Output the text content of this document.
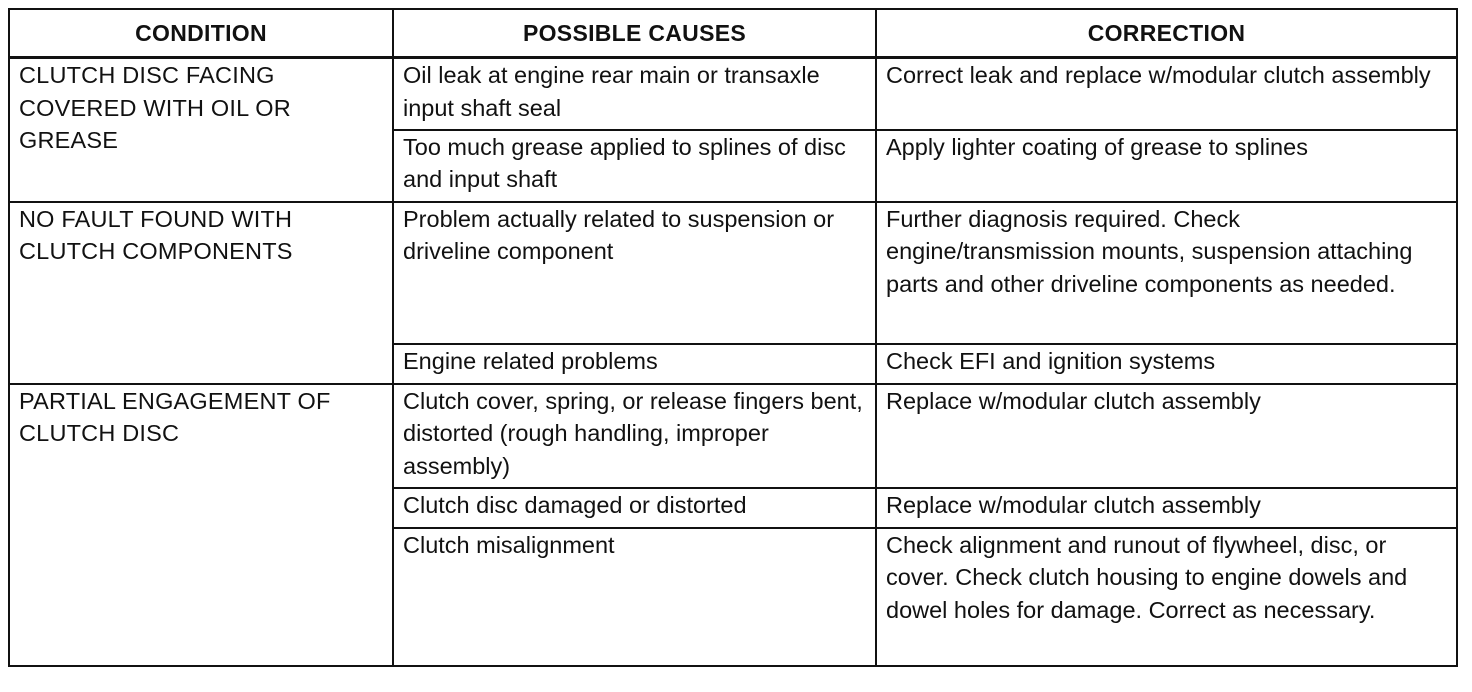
CONDITION	POSSIBLE CAUSES	CORRECTION

CLUTCH DISC FACING COVERED WITH OIL OR GREASE	Oil leak at engine rear main or transaxle input shaft seal	Correct leak and replace w/modular clutch assembly

	Too much grease applied to splines of disc and input shaft	Apply lighter coating of grease to splines

NO FAULT FOUND WITH CLUTCH COMPONENTS	Problem actually related to suspension or driveline component	Further diagnosis required. Check engine/transmission mounts, suspension attaching parts and other driveline components as needed.

	Engine related problems	Check EFI and ignition systems

PARTIAL ENGAGEMENT OF CLUTCH DISC	Clutch cover, spring, or release fingers bent, distorted (rough handling, improper assembly)	Replace w/modular clutch assembly

	Clutch disc damaged or distorted	Replace w/modular clutch assembly

	Clutch misalignment	Check alignment and runout of flywheel, disc, or cover. Check clutch housing to engine dowels and dowel holes for damage. Correct as necessary.
